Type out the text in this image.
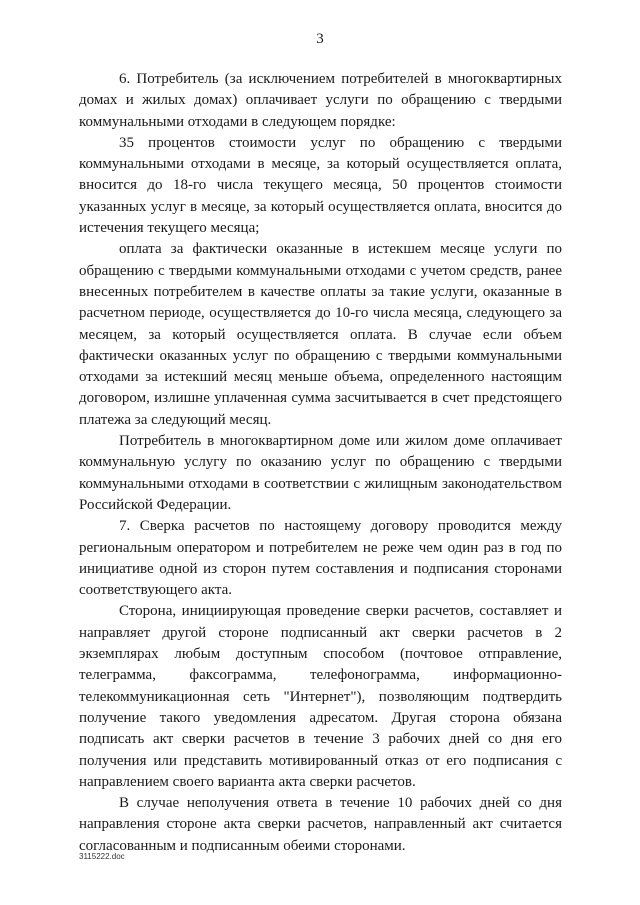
3

6. Потребитель (за исключением потребителей в многоквартирных домах и жилых домах) оплачивает услуги по обращению с твердыми коммунальными отходами в следующем порядке:

35 процентов стоимости услуг по обращению с твердыми коммунальными отходами в месяце, за который осуществляется оплата, вносится до 18-го числа текущего месяца, 50 процентов стоимости указанных услуг в месяце, за который осуществляется оплата, вносится до истечения текущего месяца;

оплата за фактически оказанные в истекшем месяце услуги по обращению с твердыми коммунальными отходами с учетом средств, ранее внесенных потребителем в качестве оплаты за такие услуги, оказанные в расчетном периоде, осуществляется до 10-го числа месяца, следующего за месяцем, за который осуществляется оплата. В случае если объем фактически оказанных услуг по обращению с твердыми коммунальными отходами за истекший месяц меньше объема, определенного настоящим договором, излишне уплаченная сумма засчитывается в счет предстоящего платежа за следующий месяц.

Потребитель в многоквартирном доме или жилом доме оплачивает коммунальную услугу по оказанию услуг по обращению с твердыми коммунальными отходами в соответствии с жилищным законодательством Российской Федерации.

7. Сверка расчетов по настоящему договору проводится между региональным оператором и потребителем не реже чем один раз в год по инициативе одной из сторон путем составления и подписания сторонами соответствующего акта.

Сторона, инициирующая проведение сверки расчетов, составляет и направляет другой стороне подписанный акт сверки расчетов в 2 экземплярах любым доступным способом (почтовое отправление, телеграмма, факсограмма, телефонограмма, информационно-телекоммуникационная сеть "Интернет"), позволяющим подтвердить получение такого уведомления адресатом. Другая сторона обязана подписать акт сверки расчетов в течение 3 рабочих дней со дня его получения или представить мотивированный отказ от его подписания с направлением своего варианта акта сверки расчетов.

В случае неполучения ответа в течение 10 рабочих дней со дня направления стороне акта сверки расчетов, направленный акт считается согласованным и подписанным обеими сторонами.

3115222.doc
